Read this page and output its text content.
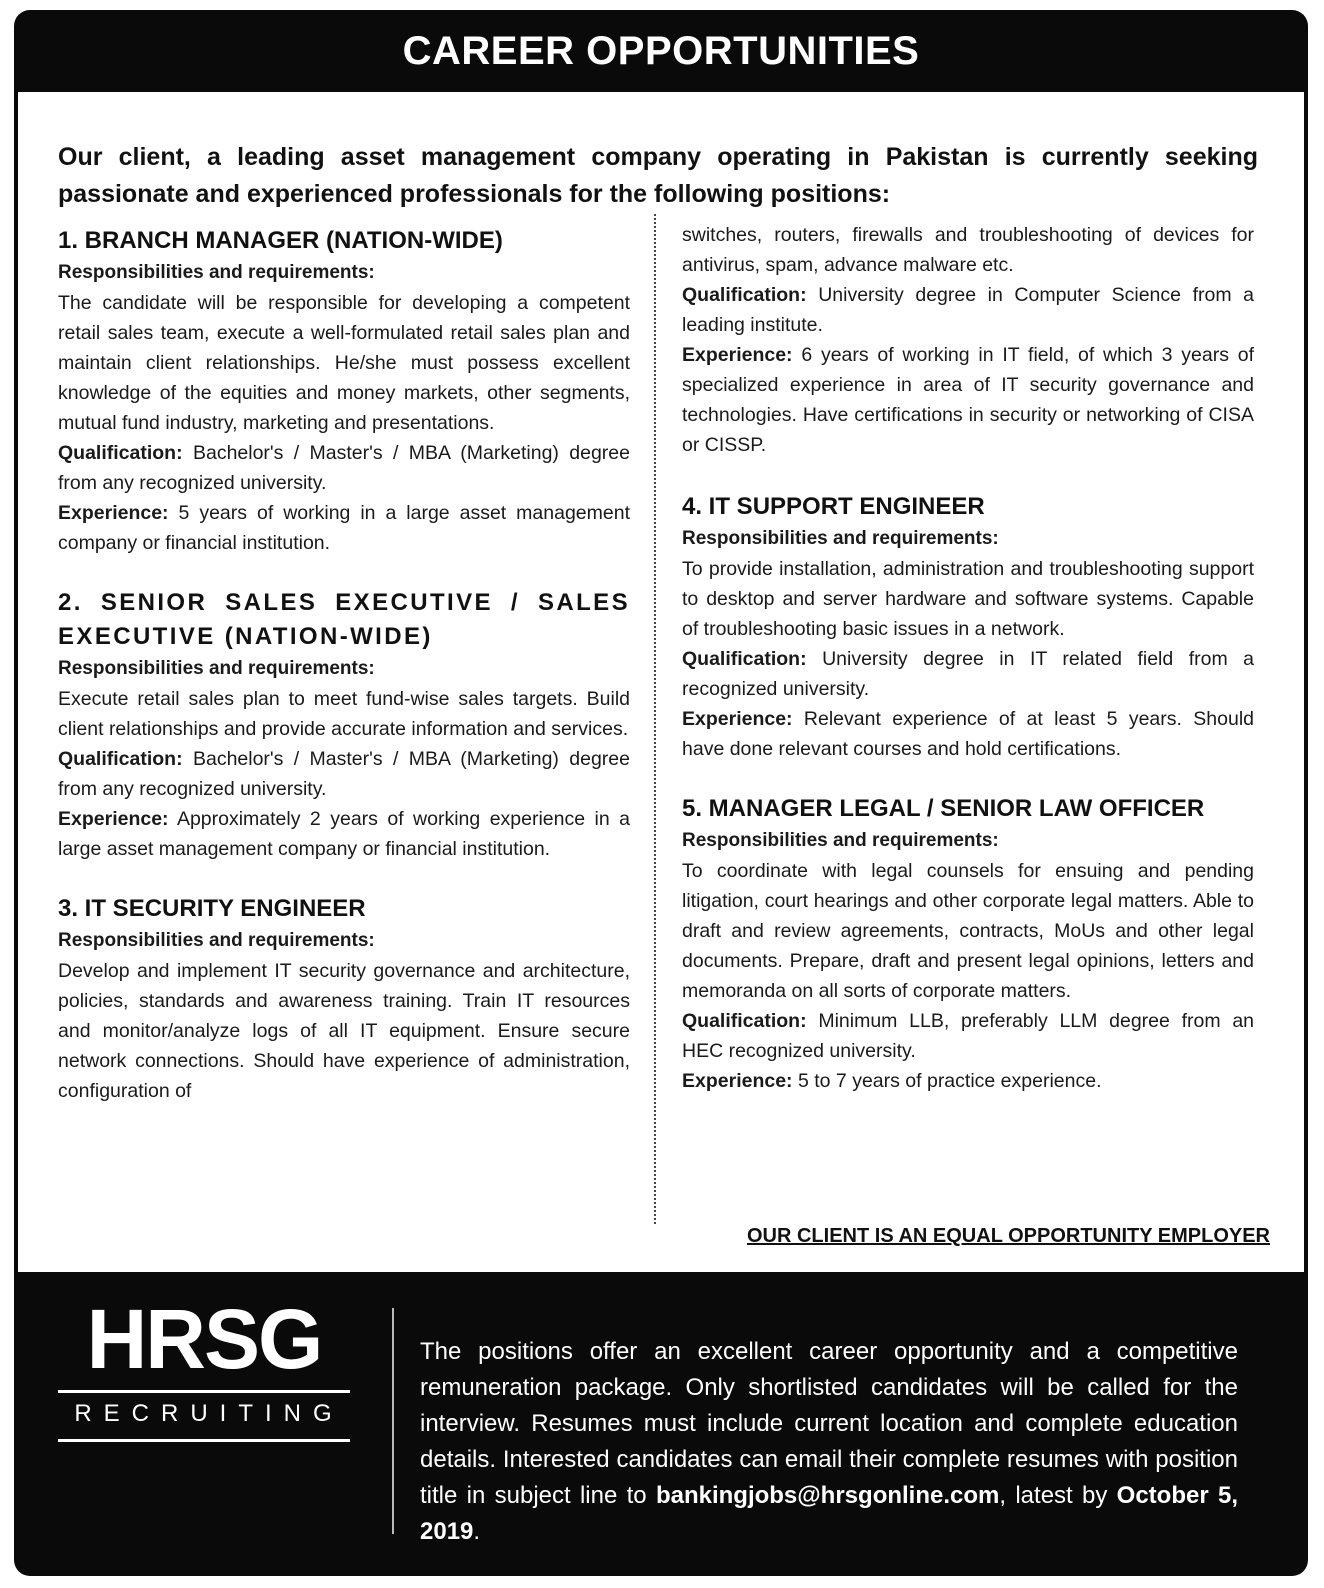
CAREER OPPORTUNITIES

Our client, a leading asset management company operating in Pakistan is currently seeking passionate and experienced professionals for the following positions:

1. BRANCH MANAGER (NATION-WIDE)
Responsibilities and requirements:

The candidate will be responsible for developing a competent retail sales team, execute a well-formulated retail sales plan and maintain client relationships. He/she must possess excellent knowledge of the equities and money markets, other segments, mutual fund industry, marketing and presentations.

Qualification: Bachelor's / Master's / MBA (Marketing) degree from any recognized university.

Experience: 5 years of working in a large asset management company or financial institution.

2. SENIOR SALES EXECUTIVE / SALES EXECUTIVE (NATION-WIDE)
Responsibilities and requirements:

Execute retail sales plan to meet fund-wise sales targets. Build client relationships and provide accurate information and services.

Qualification: Bachelor's / Master's / MBA (Marketing) degree from any recognized university.

Experience: Approximately 2 years of working experience in a large asset management company or financial institution.

3. IT SECURITY ENGINEER
Responsibilities and requirements:

Develop and implement IT security governance and architecture, policies, standards and awareness training. Train IT resources and monitor/analyze logs of all IT equipment. Ensure secure network connections. Should have experience of administration, configuration of

switches, routers, firewalls and troubleshooting of devices for antivirus, spam, advance malware etc.

Qualification: University degree in Computer Science from a leading institute.

Experience: 6 years of working in IT field, of which 3 years of specialized experience in area of IT security governance and technologies. Have certifications in security or networking of CISA or CISSP.

4. IT SUPPORT ENGINEER
Responsibilities and requirements:

To provide installation, administration and troubleshooting support to desktop and server hardware and software systems. Capable of troubleshooting basic issues in a network.

Qualification: University degree in IT related field from a recognized university.

Experience: Relevant experience of at least 5 years. Should have done relevant courses and hold certifications.

5. MANAGER LEGAL / SENIOR LAW OFFICER
Responsibilities and requirements:

To coordinate with legal counsels for ensuing and pending litigation, court hearings and other corporate legal matters. Able to draft and review agreements, contracts, MoUs and other legal documents. Prepare, draft and present legal opinions, letters and memoranda on all sorts of corporate matters.

Qualification: Minimum LLB, preferably LLM degree from an HEC recognized university.

Experience: 5 to 7 years of practice experience.

OUR CLIENT IS AN EQUAL OPPORTUNITY EMPLOYER
HRSG
RECRUITING

The positions offer an excellent career opportunity and a competitive remuneration package. Only shortlisted candidates will be called for the interview. Resumes must include current location and complete education details. Interested candidates can email their complete resumes with position title in subject line to bankingjobs@hrsgonline.com, latest by October 5, 2019.
